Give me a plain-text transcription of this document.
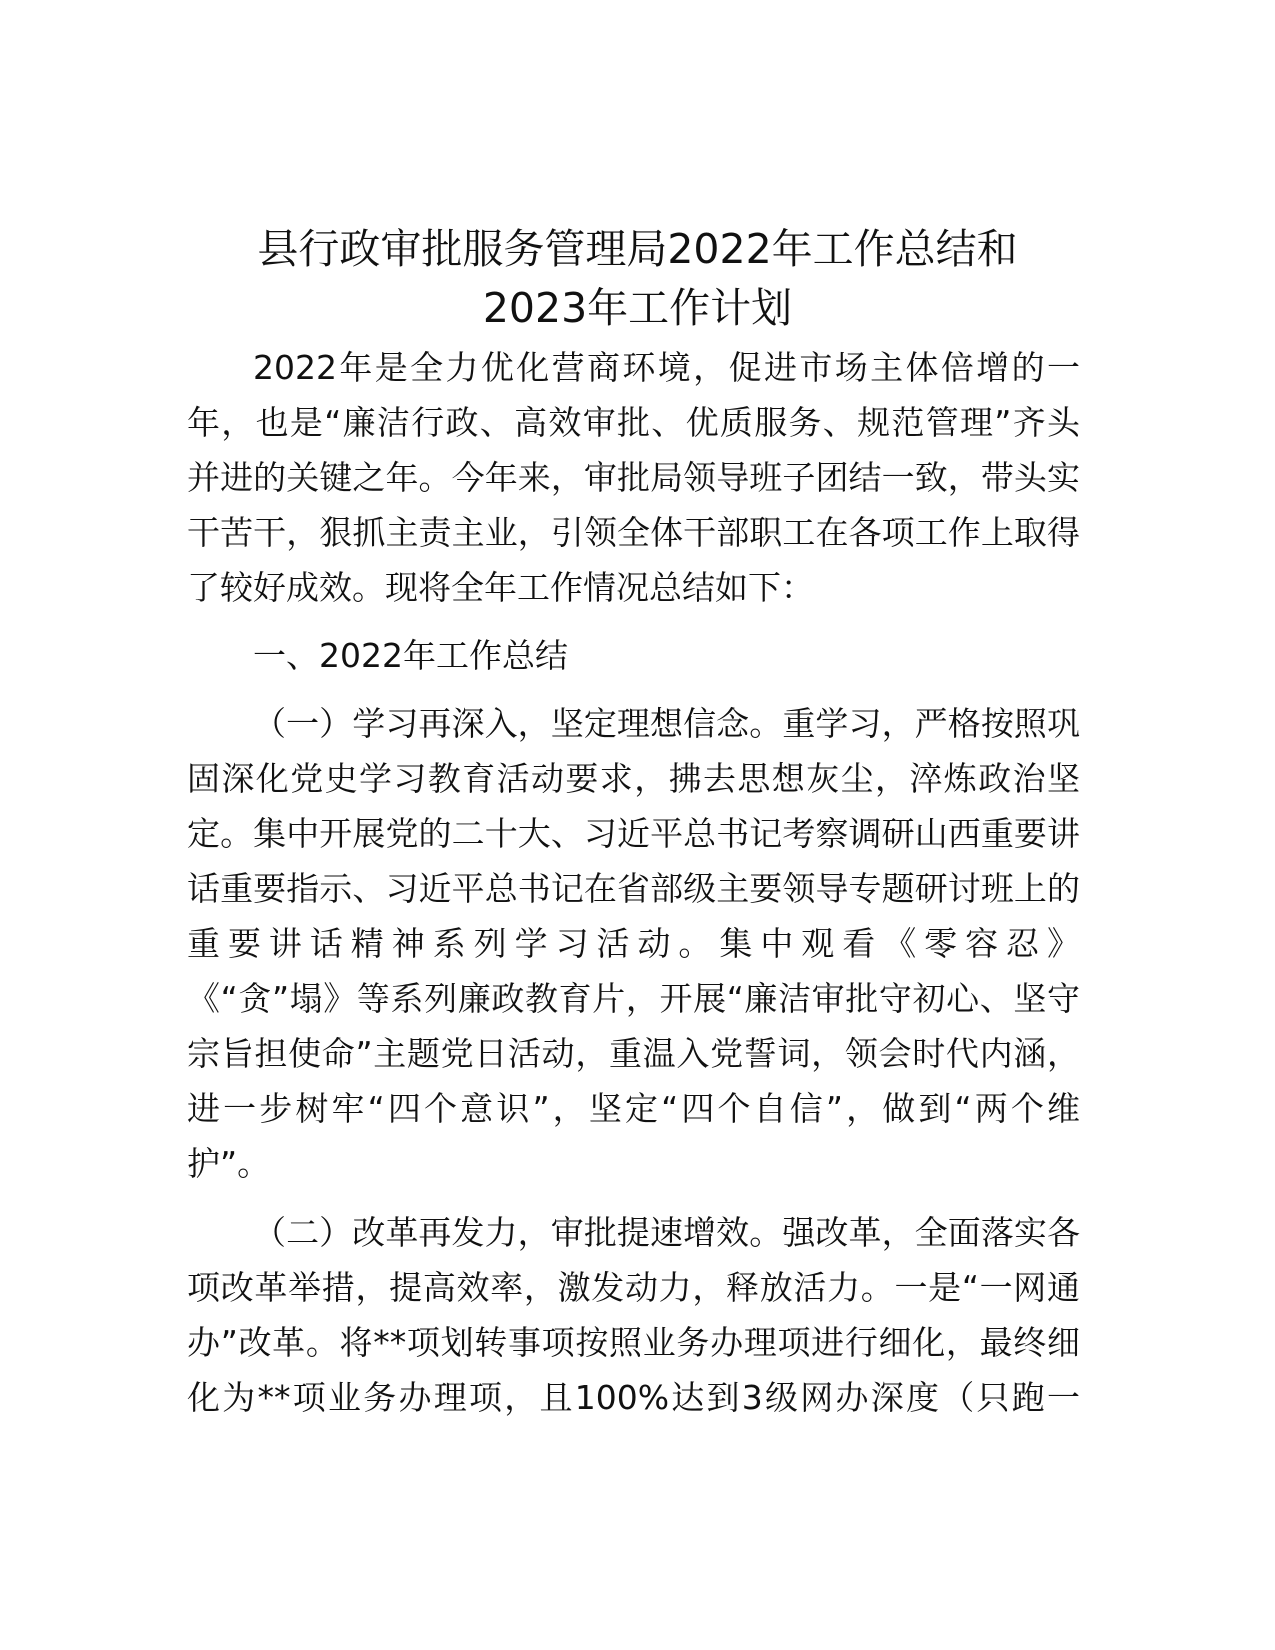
县行政审批服务管理局2022年工作总结和
2023年工作计划
2022年是全力优化营商环境，促进市场主体倍增的一
年，也是“廉洁行政、高效审批、优质服务、规范管理”齐头
并进的关键之年。今年来，审批局领导班子团结一致，带头实
干苦干，狠抓主责主业，引领全体干部职工在各项工作上取得
了较好成效。现将全年工作情况总结如下：
一、2022年工作总结
（一）学习再深入，坚定理想信念。重学习，严格按照巩
固深化党史学习教育活动要求，拂去思想灰尘，淬炼政治坚
定。集中开展党的二十大、习近平总书记考察调研山西重要讲
话重要指示、习近平总书记在省部级主要领导专题研讨班上的
重要讲话精神系列学习活动。集中观看《零容忍》
《“贪”塌》等系列廉政教育片，开展“廉洁审批守初心、坚守
宗旨担使命”主题党日活动，重温入党誓词，领会时代内涵，
进一步树牢“四个意识”，坚定“四个自信”，做到“两个维
护”。
（二）改革再发力，审批提速增效。强改革，全面落实各
项改革举措，提高效率，激发动力，释放活力。一是“一网通
办”改革。将**项划转事项按照业务办理项进行细化，最终细
化为**项业务办理项，且100%达到3级网办深度（只跑一
